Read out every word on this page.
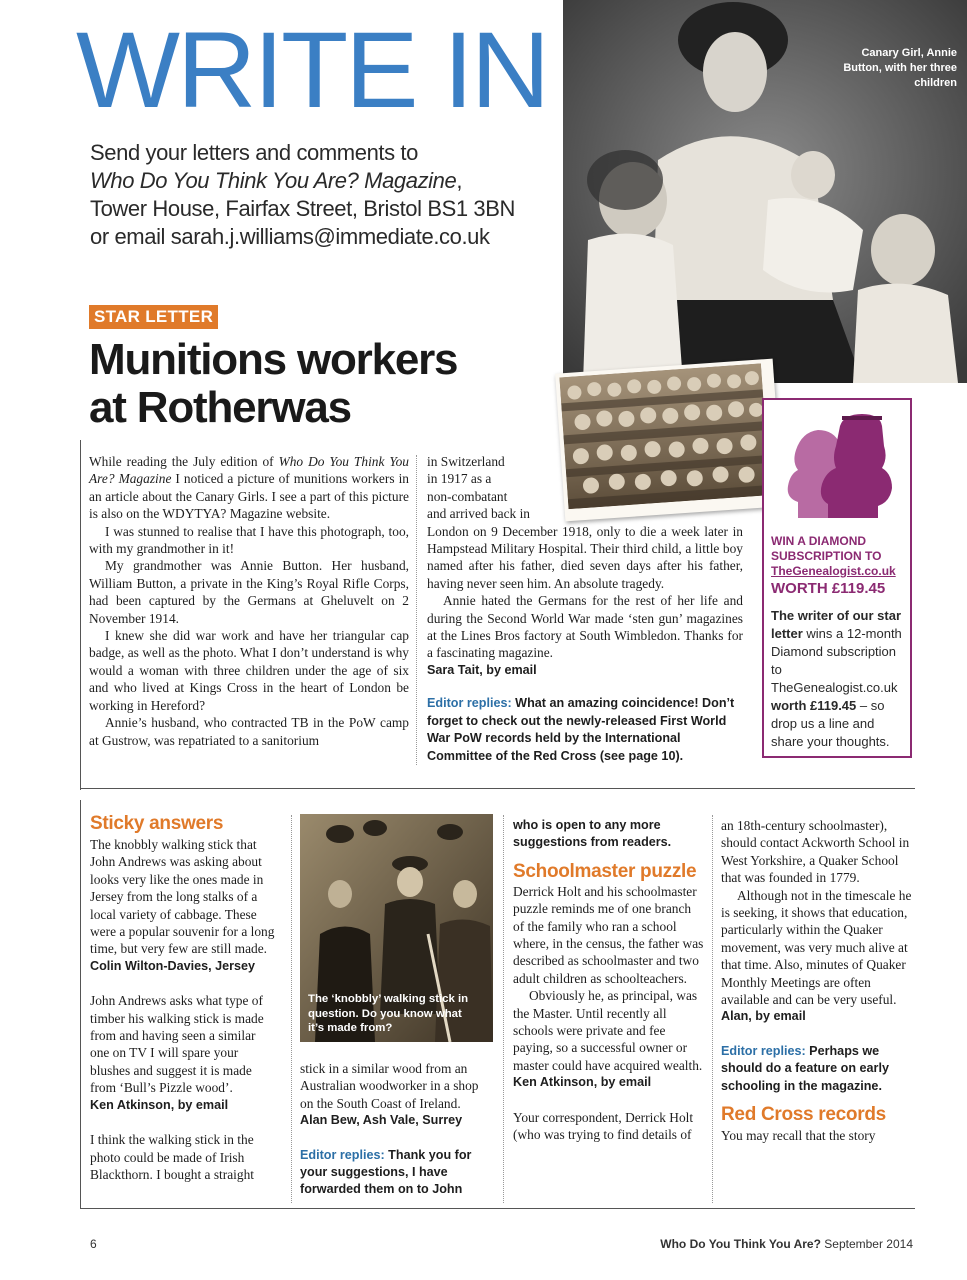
WRITE IN
Send your letters and comments to
Who Do You Think You Are? Magazine,
Tower House, Fairfax Street, Bristol BS1 3BN
or email sarah.j.williams@immediate.co.uk
Canary Girl, Annie Button, with her three children
STAR LETTER
Munitions workers
at Rotherwas

While reading the July edition of Who Do You Think You Are? Magazine I noticed a picture of munitions workers in an article about the Canary Girls. I see a part of this picture is also on the WDYTYA? Magazine website.

I was stunned to realise that I have this photograph, too, with my grandmother in it!

My grandmother was Annie Button. Her husband, William Button, a private in the King’s Royal Rifle Corps, had been captured by the Germans at Gheluvelt on 2 November 1914.

I knew she did war work and have her triangular cap badge, as well as the photo. What I don’t understand is why would a woman with three children under the age of six and who lived at Kings Cross in the heart of London be working in Hereford?

Annie’s husband, who contracted TB in the PoW camp at Gustrow, was repatriated to a sanitorium

in Switzerland

in 1917 as a

non-combatant

and arrived back in

London on 9 December 1918, only to die a week later in Hampstead Military Hospital. Their third child, a little boy named after his father, died seven days after his father, having never seen him. An absolute tragedy.

Annie hated the Germans for the rest of her life and during the Second World War made ‘sten gun’ magazines at the Lines Bros factory at South Wimbledon. Thanks for a fascinating magazine.

Sara Tait, by email

Editor replies: What an amazing coincidence! Don’t forget to check out the newly-released First World War PoW records held by the International Committee of the Red Cross (see page 10).

WIN A DIAMOND
SUBSCRIPTION TO
TheGenealogist.co.uk
WORTH £119.45
The writer of our star letter wins a 12-month Diamond subscription to TheGenealogist.co.uk worth £119.45 – so drop us a line and share your thoughts.
Sticky answers

The knobbly walking stick that John Andrews was asking about looks very like the ones made in Jersey from the long stalks of a local variety of cabbage. These were a popular souvenir for a long time, but very few are still made.

Colin Wilton-Davies, Jersey

John Andrews asks what type of timber his walking stick is made from and having seen a similar one on TV I will spare your blushes and suggest it is made from ‘Bull’s Pizzle wood’.

Ken Atkinson, by email

I think the walking stick in the photo could be made of Irish Blackthorn. I bought a straight

The ‘knobbly’ walking stick in question. Do you know what it’s made from?

stick in a similar wood from an Australian woodworker in a shop on the South Coast of Ireland.

Alan Bew, Ash Vale, Surrey

Editor replies: Thank you for your suggestions, I have forwarded them on to John

who is open to any more suggestions from readers.

Schoolmaster puzzle

Derrick Holt and his schoolmaster puzzle reminds me of one branch of the family who ran a school where, in the census, the father was described as schoolmaster and two adult children as schoolteachers.

Obviously he, as principal, was the Master. Until recently all schools were private and fee paying, so a successful owner or master could have acquired wealth.

Ken Atkinson, by email

Your correspondent, Derrick Holt (who was trying to find details of

an 18th-century schoolmaster), should contact Ackworth School in West Yorkshire, a Quaker School that was founded in 1779.

Although not in the timescale he is seeking, it shows that education, particularly within the Quaker movement, was very much alive at that time. Also, minutes of Quaker Monthly Meetings are often available and can be very useful.

Alan, by email

Editor replies: Perhaps we should do a feature on early schooling in the magazine.

Red Cross records

You may recall that the story

6	Who Do You Think You Are? September 2014
